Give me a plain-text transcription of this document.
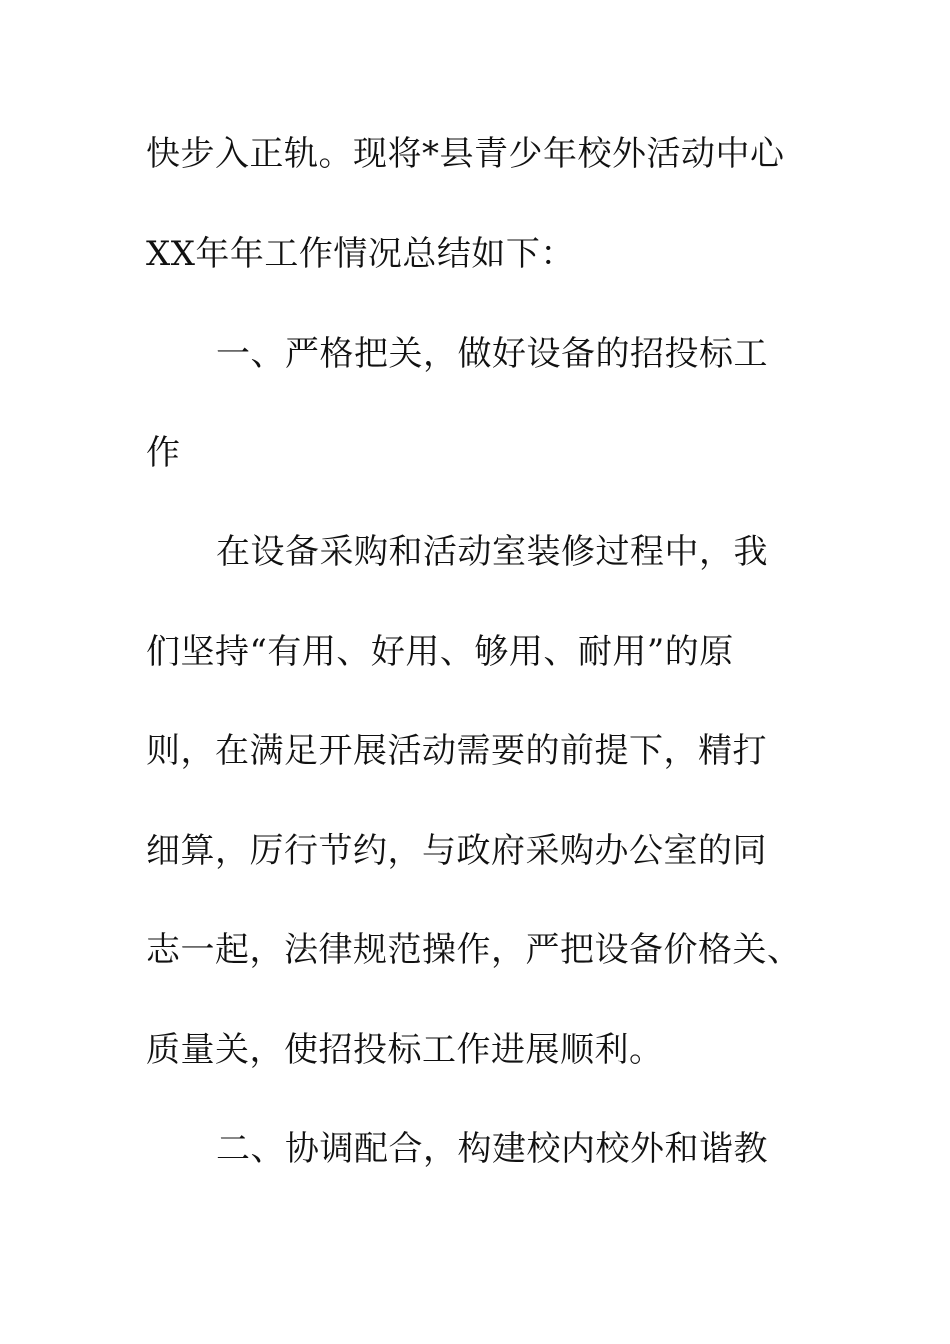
快步入正轨。现将*县青少年校外活动中心
XX年年工作情况总结如下：
一、严格把关，做好设备的招投标工
作
在设备采购和活动室装修过程中，我
们坚持“有用、好用、够用、耐用”的原
则，在满足开展活动需要的前提下，精打
细算，厉行节约，与政府采购办公室的同
志一起，法律规范操作，严把设备价格关、
质量关，使招投标工作进展顺利。
二、协调配合，构建校内校外和谐教
